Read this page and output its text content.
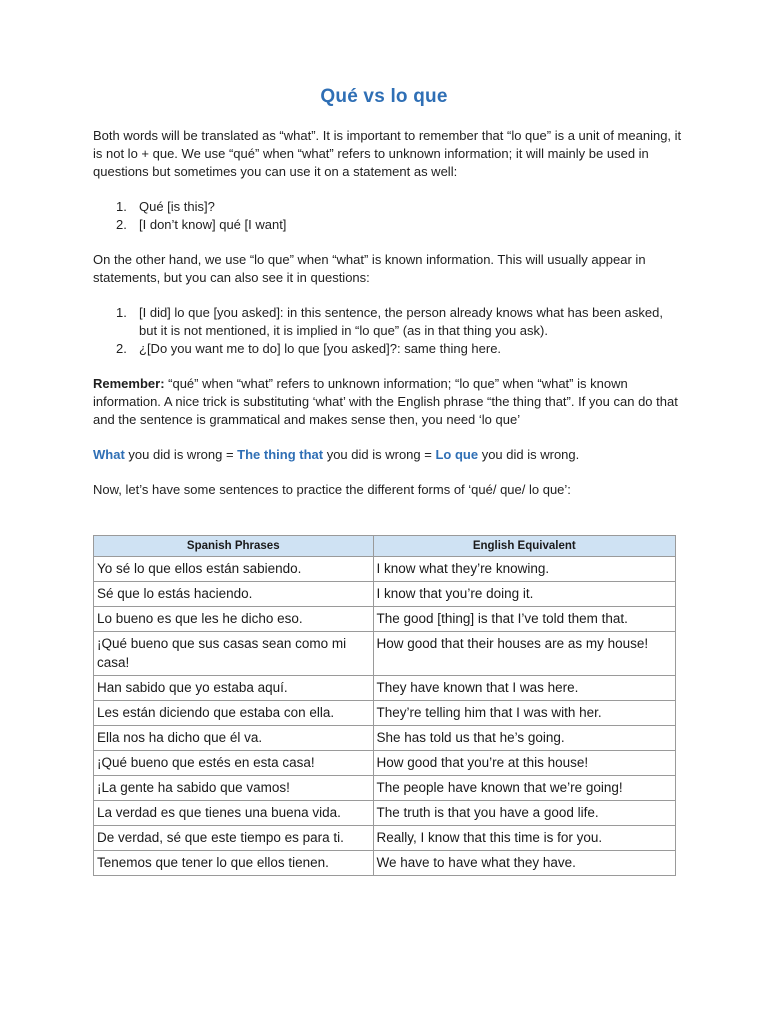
Qué vs lo que

Both words will be translated as “what”. It is important to remember that “lo que” is a unit of meaning, it is not lo + que. We use “qué” when “what” refers to unknown information; it will mainly be used in questions but sometimes you can use it on a statement as well:

1. Qué [is this]?
2. [I don’t know] qué [I want]

On the other hand, we use “lo que” when “what” is known information. This will usually appear in statements, but you can also see it in questions:

1. [I did] lo que [you asked]: in this sentence, the person already knows what has been asked, but it is not mentioned, it is implied in “lo que” (as in that thing you ask).
2. ¿[Do you want me to do] lo que [you asked]?: same thing here.

Remember: “qué” when “what” refers to unknown information; “lo que” when “what” is known information. A nice trick is substituting ‘what’ with the English phrase “the thing that”. If you can do that and the sentence is grammatical and makes sense then, you need ‘lo que’

What you did is wrong = The thing that you did is wrong = Lo que you did is wrong.

Now, let’s have some sentences to practice the different forms of ‘qué/ que/ lo que’:

Spanish Phrases	English Equivalent
Yo sé lo que ellos están sabiendo.	I know what they’re knowing.
Sé que lo estás haciendo.	I know that you’re doing it.
Lo bueno es que les he dicho eso.	The good [thing] is that I’ve told them that.
¡Qué bueno que sus casas sean como mi casa!	How good that their houses are as my house!
Han sabido que yo estaba aquí.	They have known that I was here.
Les están diciendo que estaba con ella.	They’re telling him that I was with her.
Ella nos ha dicho que él va.	She has told us that he’s going.
¡Qué bueno que estés en esta casa!	How good that you’re at this house!
¡La gente ha sabido que vamos!	The people have known that we’re going!
La verdad es que tienes una buena vida.	The truth is that you have a good life.
De verdad, sé que este tiempo es para ti.	Really, I know that this time is for you.
Tenemos que tener lo que ellos tienen.	We have to have what they have.
